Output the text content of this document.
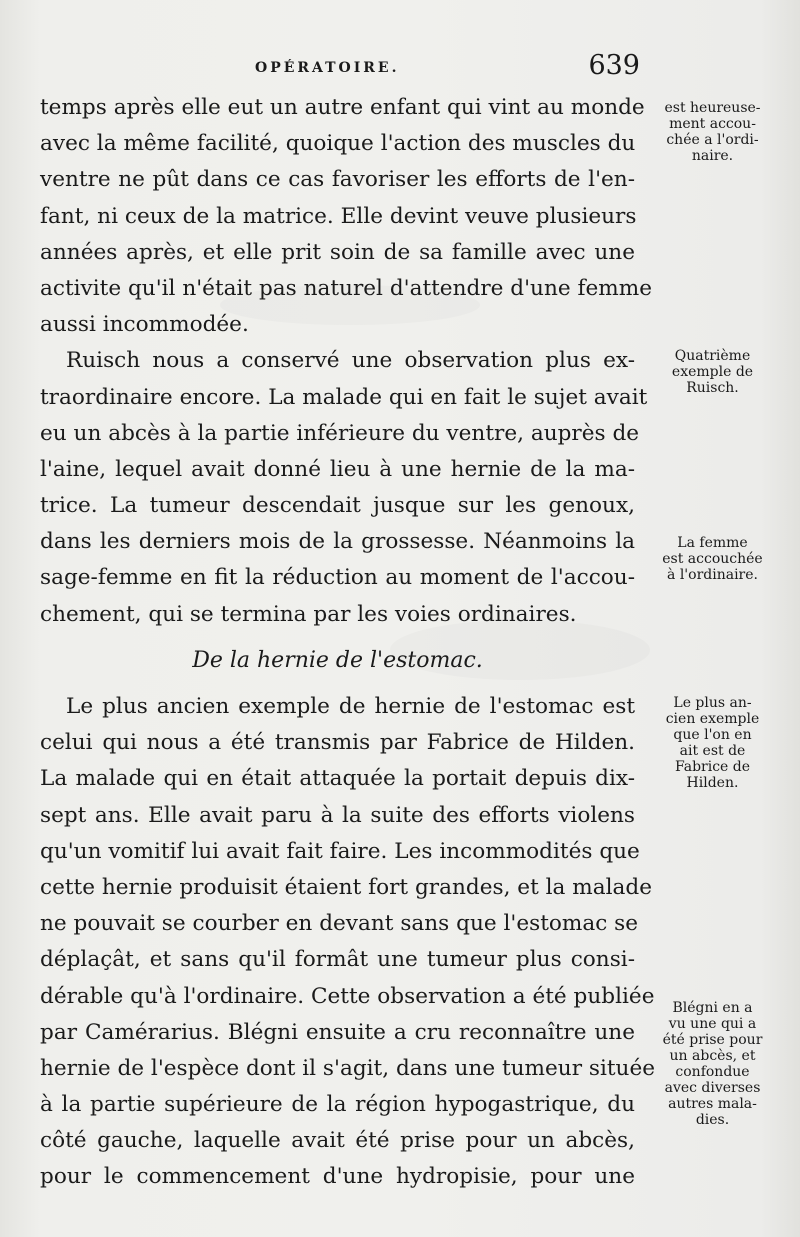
OPÉRATOIRE.	639
temps après elle eut un autre enfant qui vint au monde
avec la même facilité, quoique l'action des muscles du
ventre ne pût dans ce cas favoriser les efforts de l'en-
fant, ni ceux de la matrice. Elle devint veuve plusieurs
années après, et elle prit soin de sa famille avec une
activite qu'il n'était pas naturel d'attendre d'une femme
aussi incommodée.
Ruisch nous a conservé une observation plus ex-
traordinaire encore. La malade qui en fait le sujet avait
eu un abcès à la partie inférieure du ventre, auprès de
l'aine, lequel avait donné lieu à une hernie de la ma-
trice. La tumeur descendait jusque sur les genoux,
dans les derniers mois de la grossesse. Néanmoins la
sage-femme en fit la réduction au moment de l'accou-
chement, qui se termina par les voies ordinaires.
De la hernie de l'estomac.
Le plus ancien exemple de hernie de l'estomac est
celui qui nous a été transmis par Fabrice de Hilden.
La malade qui en était attaquée la portait depuis dix-
sept ans. Elle avait paru à la suite des efforts violens
qu'un vomitif lui avait fait faire. Les incommodités que
cette hernie produisit étaient fort grandes, et la malade
ne pouvait se courber en devant sans que l'estomac se
déplaçât, et sans qu'il formât une tumeur plus consi-
dérable qu'à l'ordinaire. Cette observation a été publiée
par Camérarius. Blégni ensuite a cru reconnaître une
hernie de l'espèce dont il s'agit, dans une tumeur située
à la partie supérieure de la région hypogastrique, du
côté gauche, laquelle avait été prise pour un abcès,
pour le commencement d'une hydropisie, pour une
est heureuse-
ment accou-
chée a l'ordi-
naire.
Quatrième
exemple de
Ruisch.
La femme
est accouchée
à l'ordinaire.
Le plus an-
cien exemple
que l'on en
ait est de
Fabrice de
Hilden.
Blégni en a
vu une qui a
été prise pour
un abcès, et
confondue
avec diverses
autres mala-
dies.
